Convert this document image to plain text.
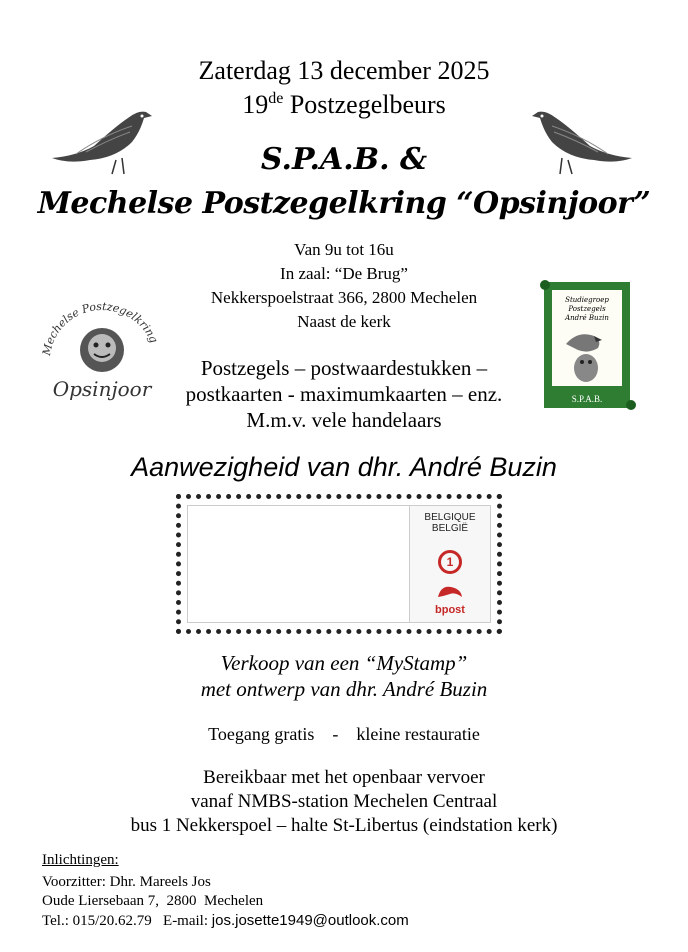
Zaterdag 13 december 2025
19de Postzegelbeurs
S.P.A.B. &
Mechelse Postzegelkring “Opsinjoor”
Van 9u tot 16u
In zaal: “De Brug”
Nekkerspoelstraat 366, 2800 Mechelen
Naast de kerk
Mechelse Postzegelkring
Opsinjoor
Studiegroep
Postzegels
André Buzin
S.P.A.B.
Postzegels – postwaardestukken –
postkaarten - maximumkaarten – enz.
M.m.v. vele handelaars
Aanwezigheid van dhr. André Buzin
BELGIQUE
BELGIË
1
bpost
Verkoop van een “MyStamp”
met ontwerp van dhr. André Buzin
Toegang gratis    -    kleine restauratie
Bereikbaar met het openbaar vervoer
vanaf NMBS-station Mechelen Centraal
bus 1 Nekkerspoel – halte St-Libertus (eindstation kerk)
Inlichtingen:
Voorzitter: Dhr. Mareels Jos
Oude Liersebaan 7,  2800  Mechelen
Tel.: 015/20.62.79   E-mail: jos.josette1949@outlook.com
